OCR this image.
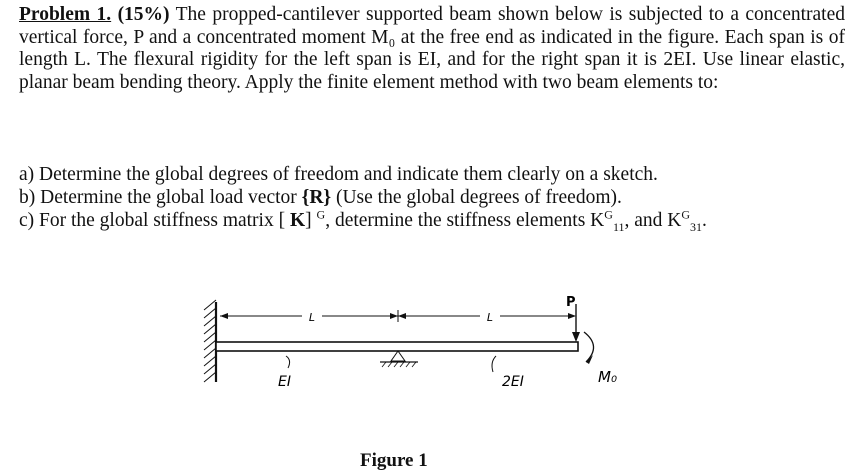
Problem 1. (15%) The propped-cantilever supported beam shown below is subjected to a concentrated vertical force, P and a concentrated moment M₀ at the free end as indicated in the figure. Each span is of length L. The flexural rigidity for the left span is EI, and for the right span it is 2EI. Use linear elastic, planar beam bending theory. Apply the finite element method with two beam elements to:

a) Determine the global degrees of freedom and indicate them clearly on a sketch.
b) Determine the global load vector {R} (Use the global degrees of freedom).
c) For the global stiffness matrix [ K] $^G$, determine the stiffness elements $K^G_{11}$, and $K^G_{31}$.
L	L
P
M₀
EI	2EI
Figure 1
